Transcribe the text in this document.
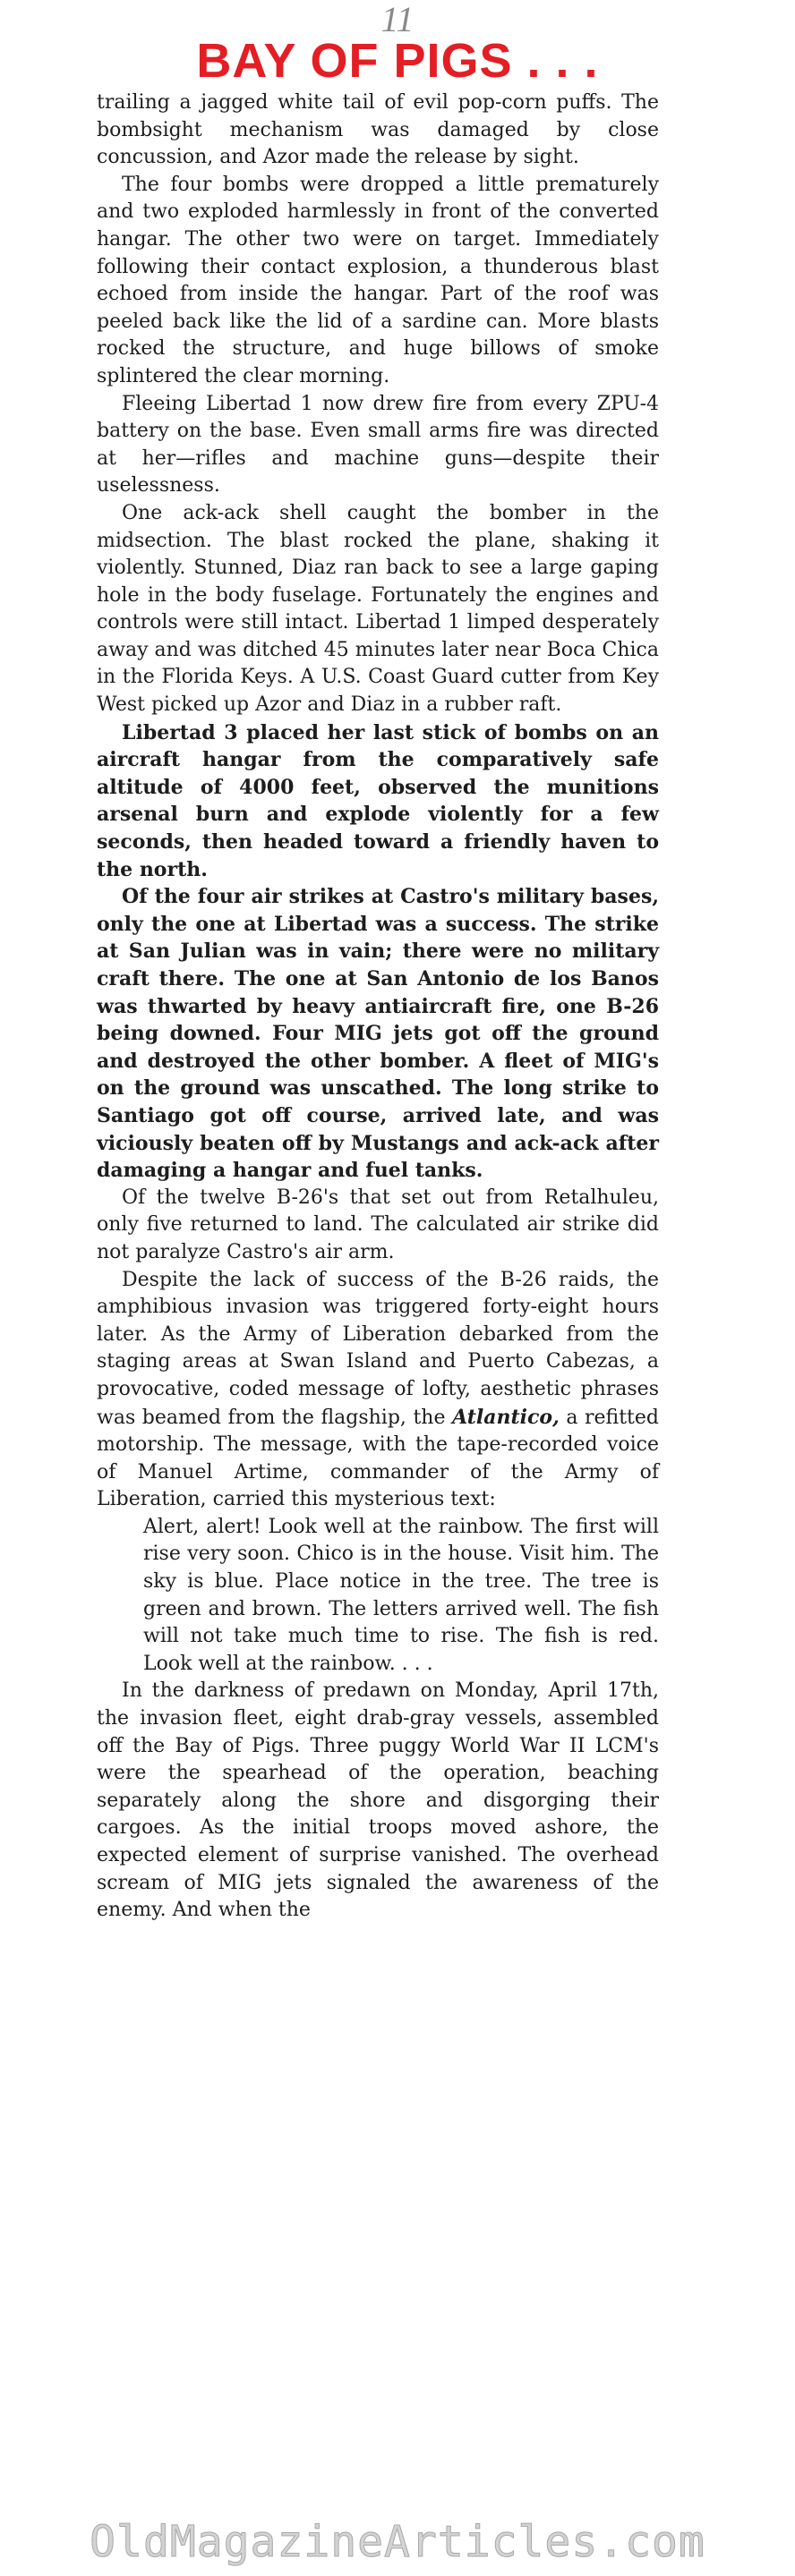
11
BAY OF PIGS . . .

trailing a jagged white tail of evil pop-corn puffs. The bombsight mechanism was damaged by close concussion, and Azor made the release by sight.

The four bombs were dropped a little prematurely and two exploded harmlessly in front of the converted hangar. The other two were on target. Immediately following their contact explosion, a thunderous blast echoed from inside the hangar. Part of the roof was peeled back like the lid of a sardine can. More blasts rocked the structure, and huge billows of smoke splintered the clear morning.

Fleeing Libertad 1 now drew fire from every ZPU-4 battery on the base. Even small arms fire was directed at her—rifles and machine guns—despite their uselessness.

One ack-ack shell caught the bomber in the midsection. The blast rocked the plane, shaking it violently. Stunned, Diaz ran back to see a large gaping hole in the body fuselage. Fortunately the engines and controls were still intact. Libertad 1 limped desperately away and was ditched 45 minutes later near Boca Chica in the Florida Keys. A U.S. Coast Guard cutter from Key West picked up Azor and Diaz in a rubber raft.

Libertad 3 placed her last stick of bombs on an aircraft hangar from the comparatively safe altitude of 4000 feet, observed the munitions arsenal burn and explode violently for a few seconds, then headed toward a friendly haven to the north.

Of the four air strikes at Castro's military bases, only the one at Libertad was a success. The strike at San Julian was in vain; there were no military craft there. The one at San Antonio de los Banos was thwarted by heavy antiaircraft fire, one B-26 being downed. Four MIG jets got off the ground and destroyed the other bomber. A fleet of MIG's on the ground was unscathed. The long strike to Santiago got off course, arrived late, and was viciously beaten off by Mustangs and ack-ack after damaging a hangar and fuel tanks.

Of the twelve B-26's that set out from Retalhuleu, only five returned to land. The calculated air strike did not paralyze Castro's air arm.

Despite the lack of success of the B-26 raids, the amphibious invasion was triggered forty-eight hours later. As the Army of Liberation debarked from the staging areas at Swan Island and Puerto Cabezas, a provocative, coded message of lofty, aesthetic phrases was beamed from the flagship, the Atlantico, a refitted motorship. The message, with the tape-recorded voice of Manuel Artime, commander of the Army of Liberation, carried this mysterious text:

Alert, alert! Look well at the rainbow. The first will rise very soon. Chico is in the house. Visit him. The sky is blue. Place notice in the tree. The tree is green and brown. The letters arrived well. The fish will not take much time to rise. The fish is red. Look well at the rainbow. . . .

In the darkness of predawn on Monday, April 17th, the invasion fleet, eight drab-gray vessels, assembled off the Bay of Pigs. Three puggy World War II LCM's were the spearhead of the operation, beaching separately along the shore and disgorging their cargoes. As the initial troops moved ashore, the expected element of surprise vanished. The overhead scream of MIG jets signaled the awareness of the enemy. And when the

OldMagazineArticles.com
